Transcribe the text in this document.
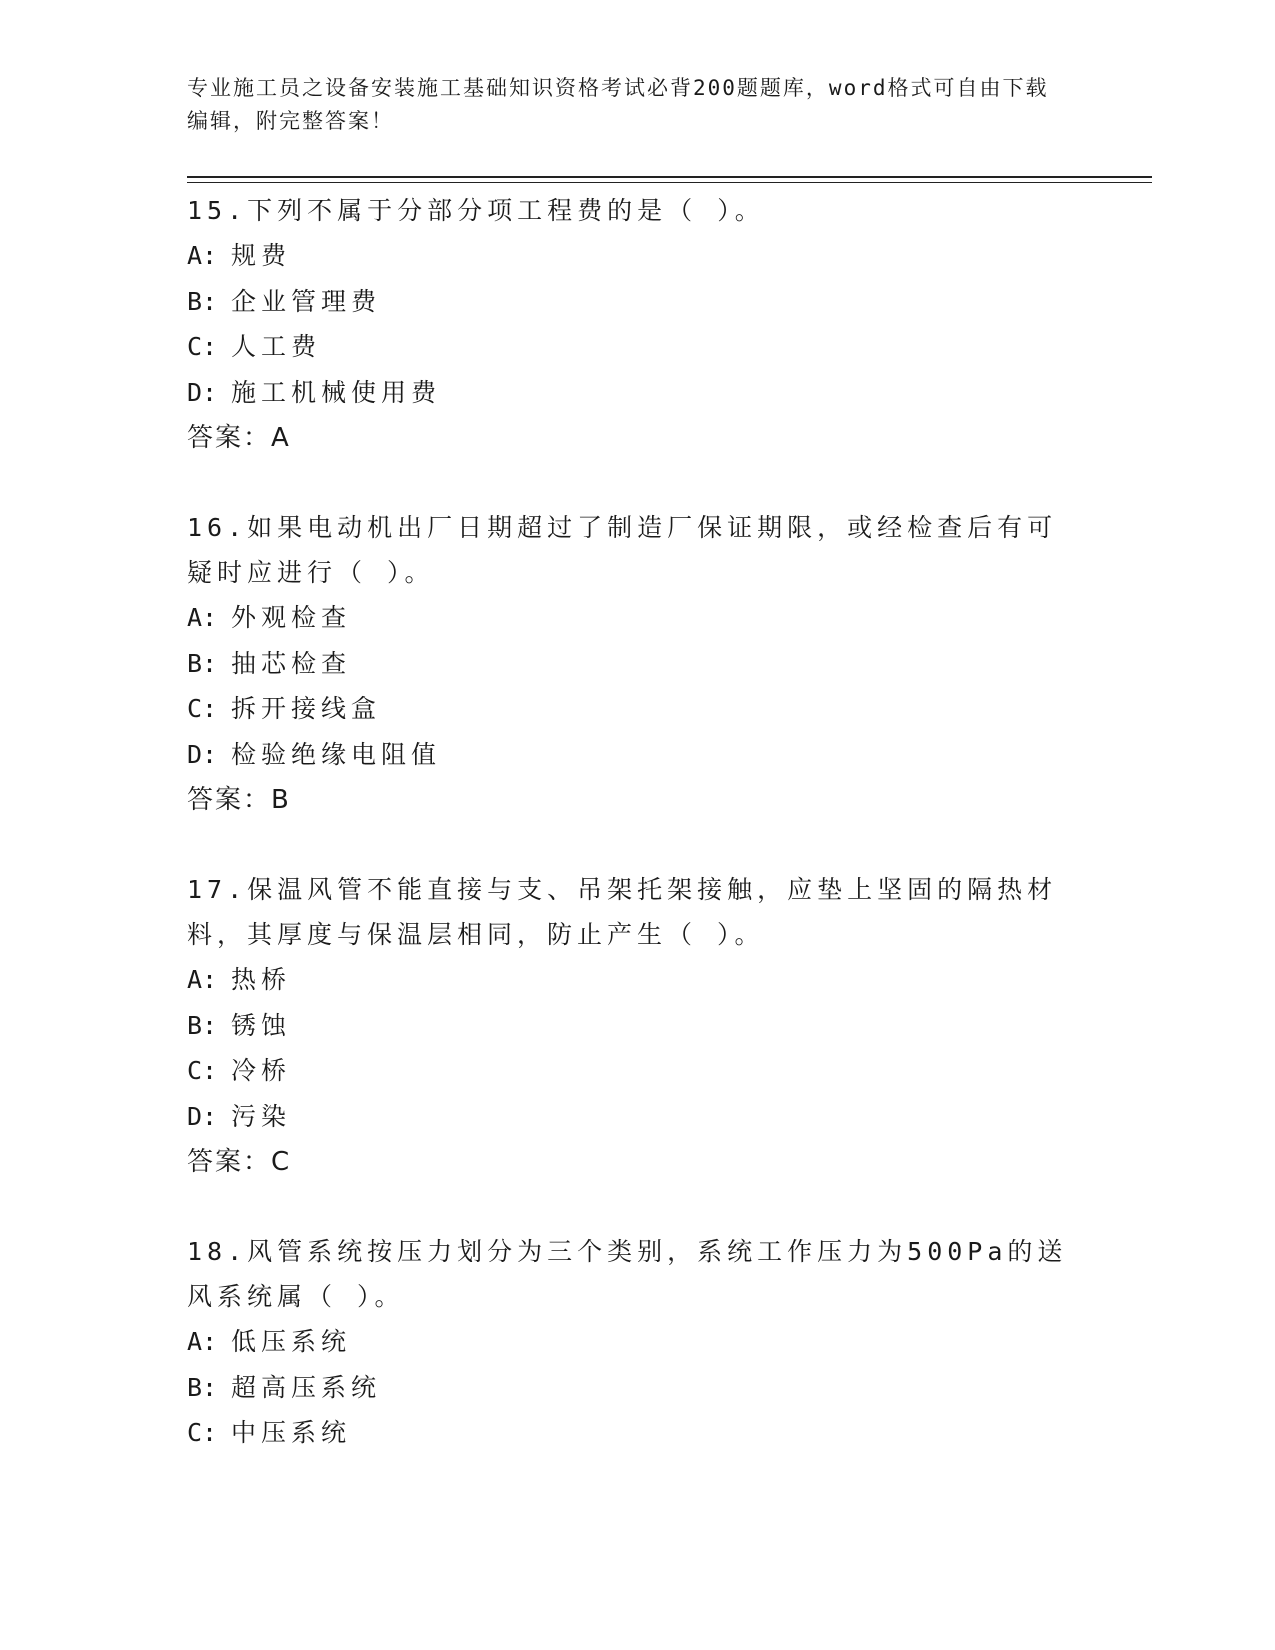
专业施工员之设备安装施工基础知识资格考试必背200题题库，word格式可自由下载编辑，附完整答案！
15.下列不属于分部分项工程费的是（ ）。
A: 规费
B: 企业管理费
C: 人工费
D: 施工机械使用费
答案：A
16.如果电动机出厂日期超过了制造厂保证期限，或经检查后有可疑时应进行（ ）。
A: 外观检查
B: 抽芯检查
C: 拆开接线盒
D: 检验绝缘电阻值
答案：B
17.保温风管不能直接与支、吊架托架接触，应垫上坚固的隔热材料，其厚度与保温层相同，防止产生（ ）。
A: 热桥
B: 锈蚀
C: 冷桥
D: 污染
答案：C
18.风管系统按压力划分为三个类别，系统工作压力为500Pa的送风系统属（ ）。
A: 低压系统
B: 超高压系统
C: 中压系统
